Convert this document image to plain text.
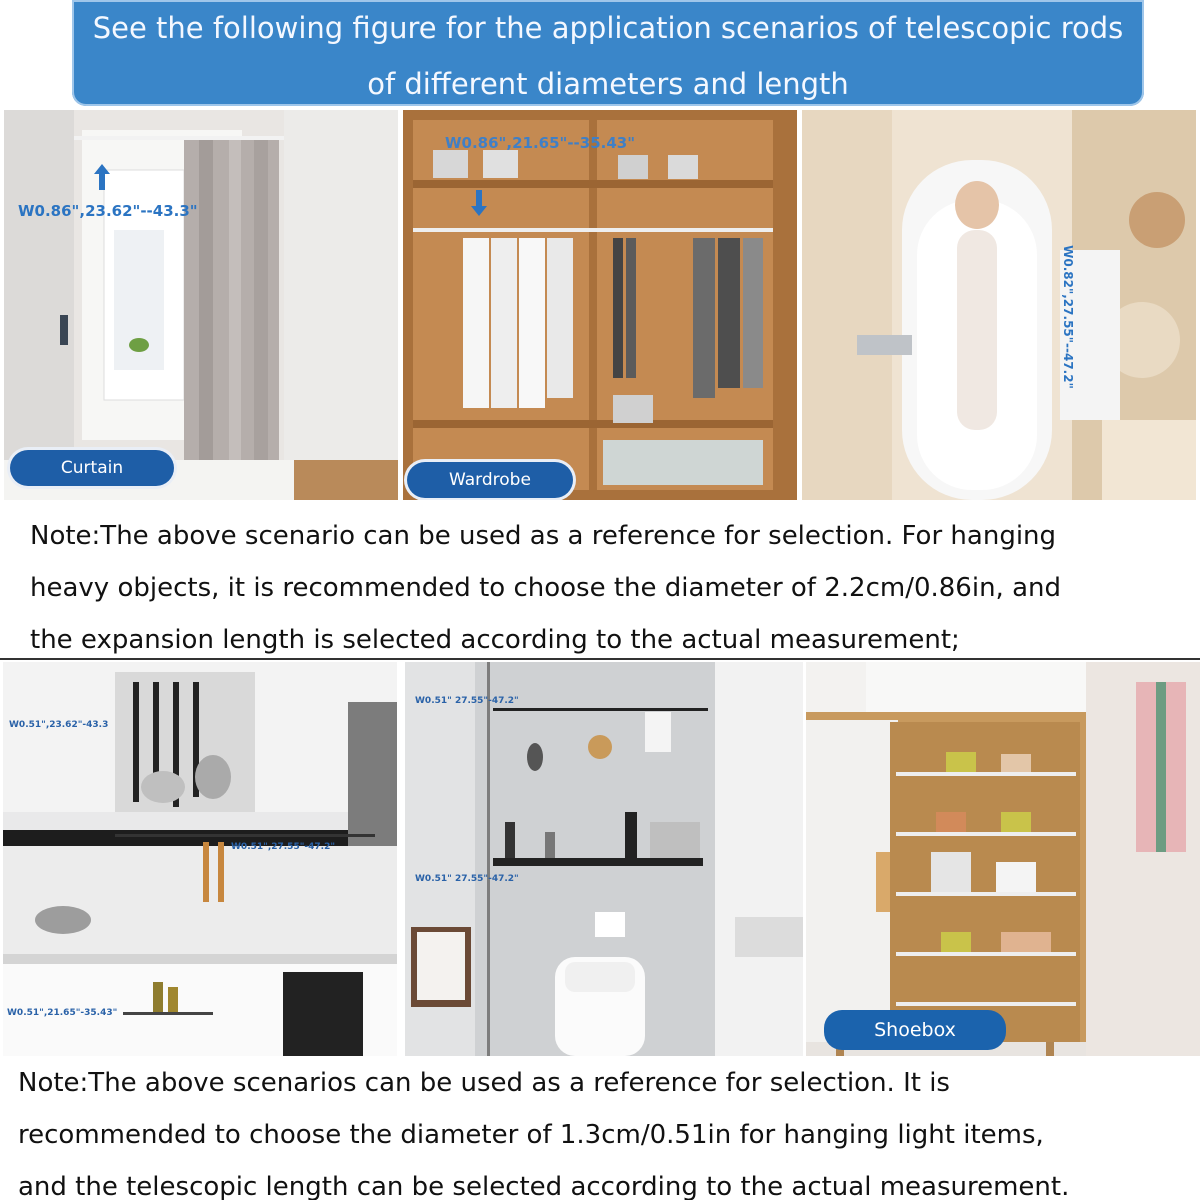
See the following figure for the application scenarios of telescopic rods
of different diameters and length
W0.86",23.62"--43.3"
Curtain
W0.86",21.65"--35.43"
Wardrobe
W0.82",27.55"--47.2"
Note:The above scenario can be used as a reference for selection. For hanging
heavy objects, it is recommended to choose the diameter of 2.2cm/0.86in, and
the expansion length is selected according to the actual measurement;
W0.51",23.62"-43.3
W0.51",27.55"-47.2"
W0.51",21.65"-35.43"
W0.51" 27.55"-47.2"
W0.51" 27.55"-47.2"
Shoebox
Note:The above scenarios can be used as a reference for selection. It is
recommended to choose the diameter of 1.3cm/0.51in for hanging light items,
and the telescopic length can be selected according to the actual measurement.
